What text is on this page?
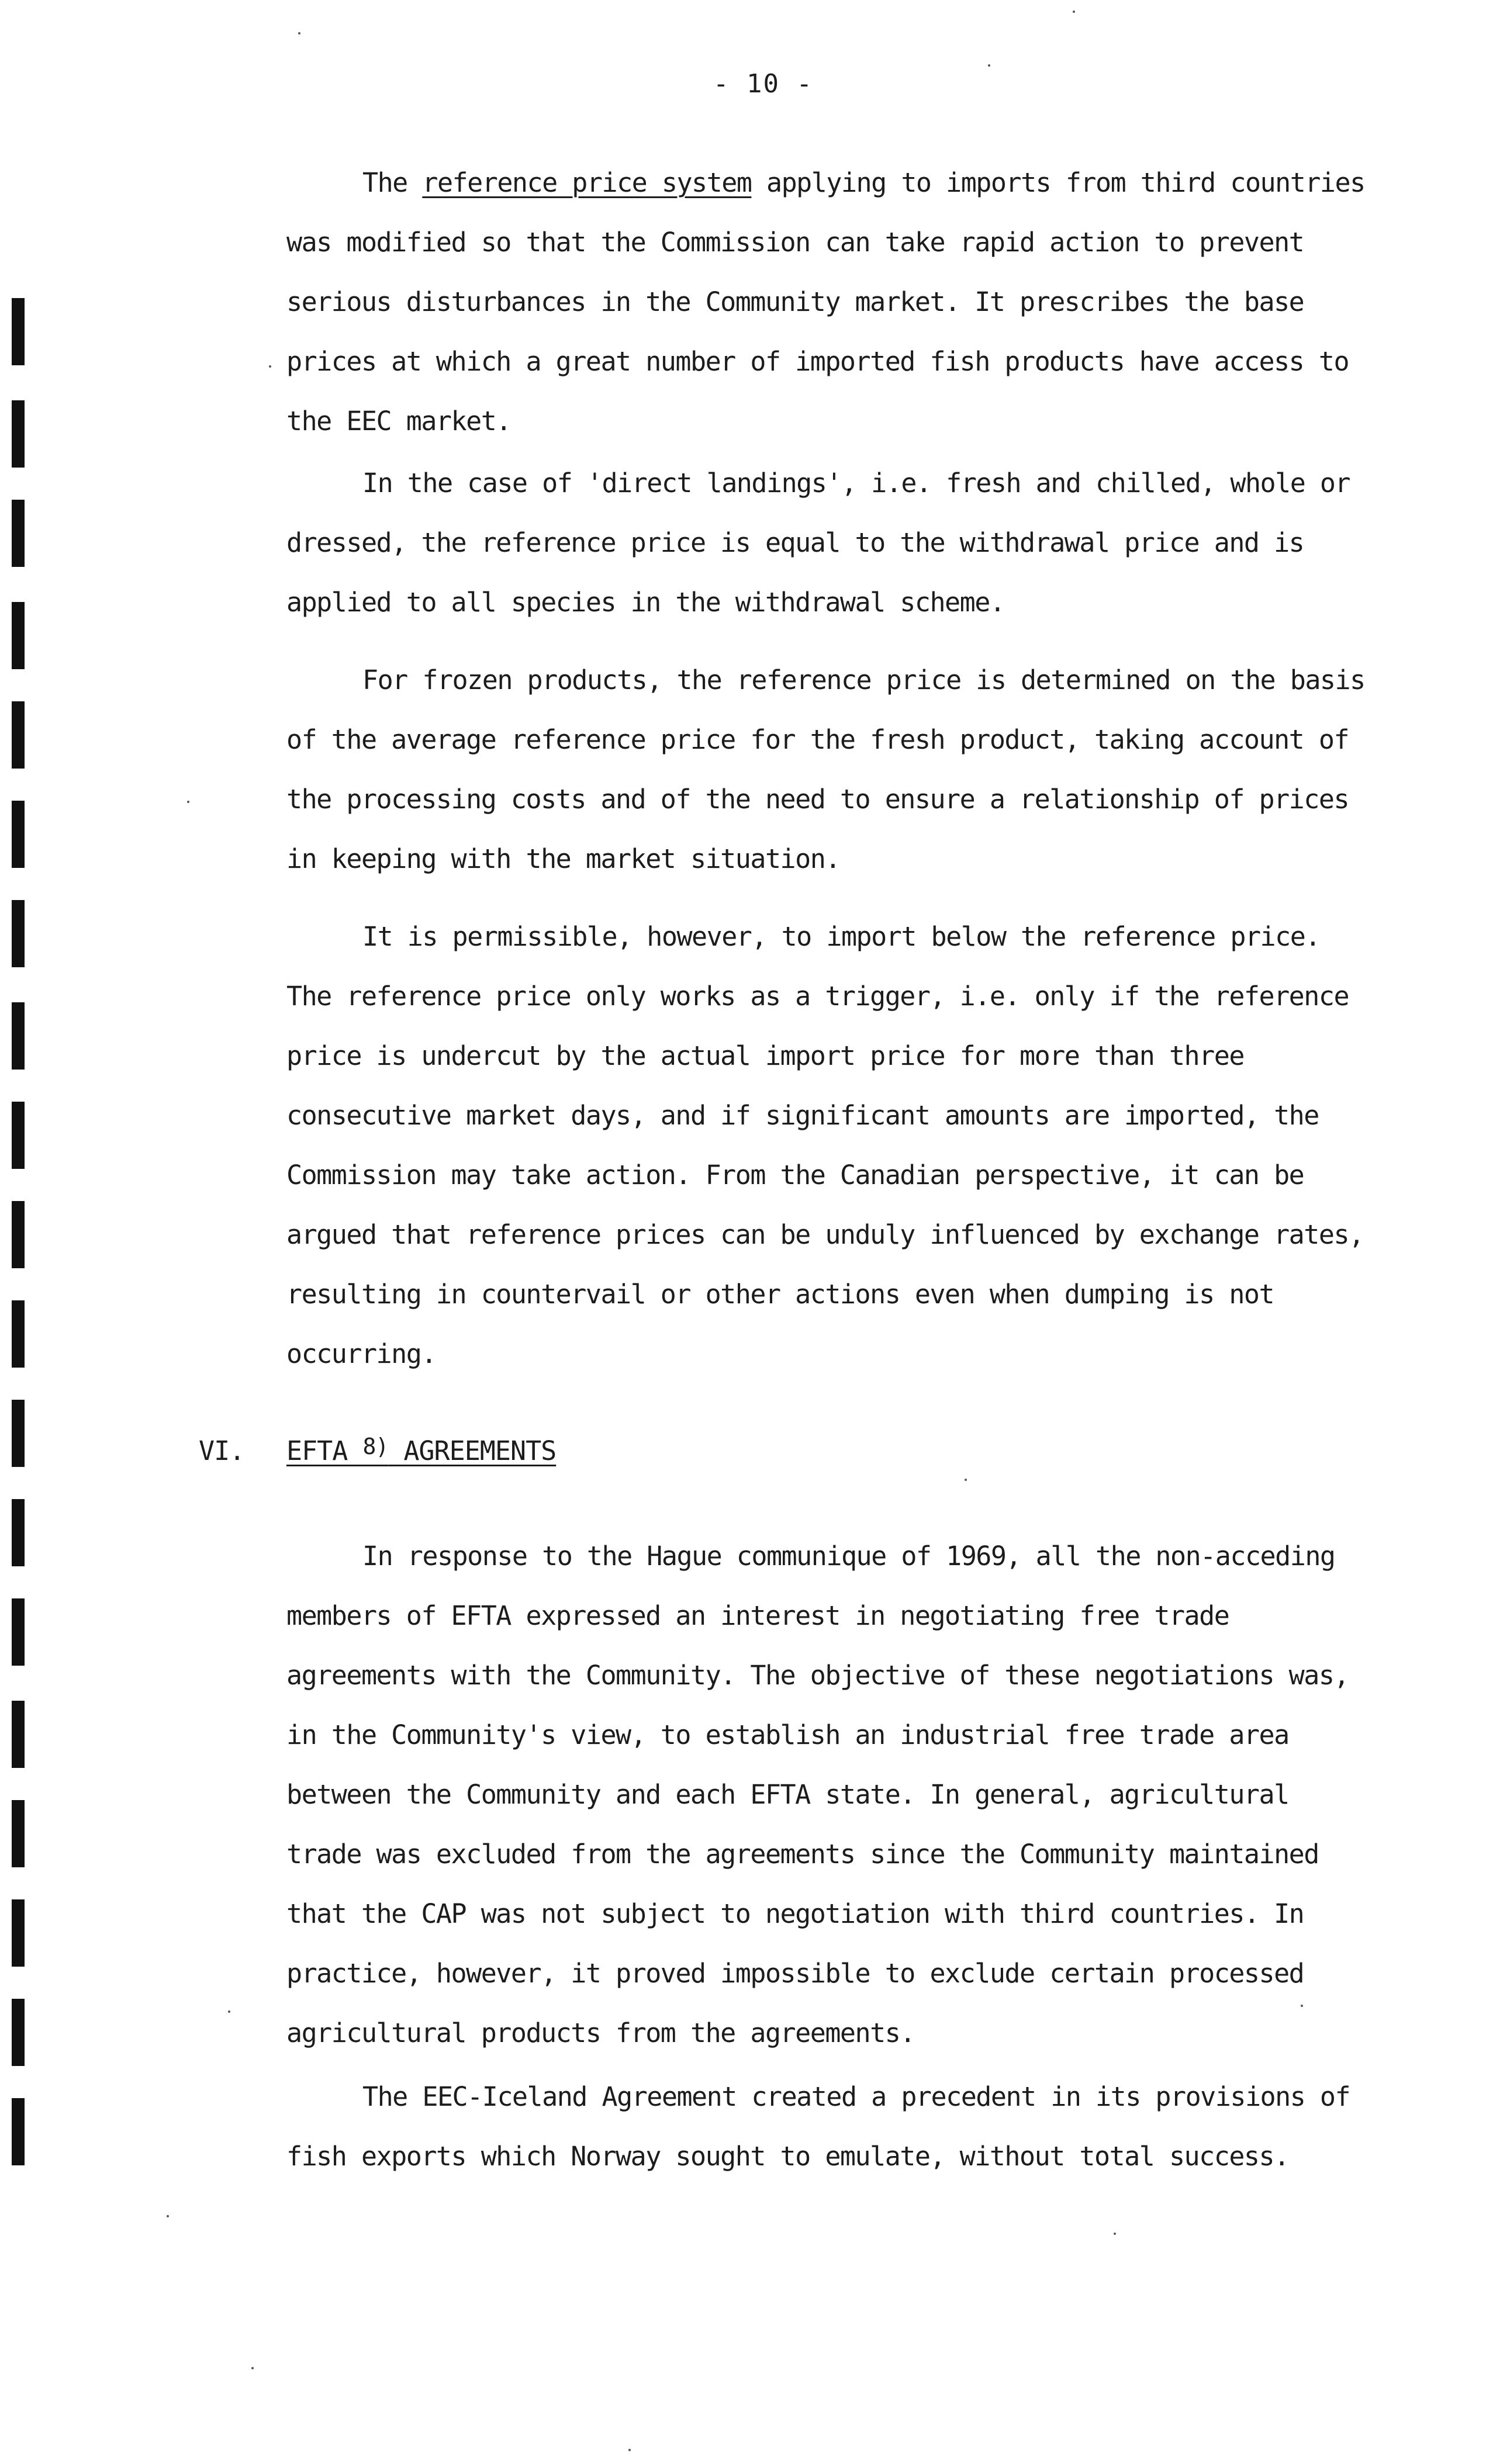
- 10 -

The reference price system applying to imports from third countries was modified so that the Commission can take rapid action to prevent serious disturbances in the Community market. It prescribes the base prices at which a great number of imported fish products have access to the EEC market.

In the case of 'direct landings', i.e. fresh and chilled, whole or dressed, the reference price is equal to the withdrawal price and is applied to all species in the withdrawal scheme.

For frozen products, the reference price is determined on the basis of the average reference price for the fresh product, taking account of the processing costs and of the need to ensure a relationship of prices in keeping with the market situation.

It is permissible, however, to import below the reference price. The reference price only works as a trigger, i.e. only if the reference price is undercut by the actual import price for more than three consecutive market days, and if significant amounts are imported, the Commission may take action. From the Canadian perspective, it can be argued that reference prices can be unduly influenced by exchange rates, resulting in countervail or other actions even when dumping is not occurring.

VI. EFTA $^{8)}$ AGREEMENTS

In response to the Hague communique of 1969, all the non-acceding members of EFTA expressed an interest in negotiating free trade agreements with the Community. The objective of these negotiations was, in the Community's view, to establish an industrial free trade area between the Community and each EFTA state. In general, agricultural trade was excluded from the agreements since the Community maintained that the CAP was not subject to negotiation with third countries. In practice, however, it proved impossible to exclude certain processed agricultural products from the agreements.

The EEC-Iceland Agreement created a precedent in its provisions of fish exports which Norway sought to emulate, without total success.
